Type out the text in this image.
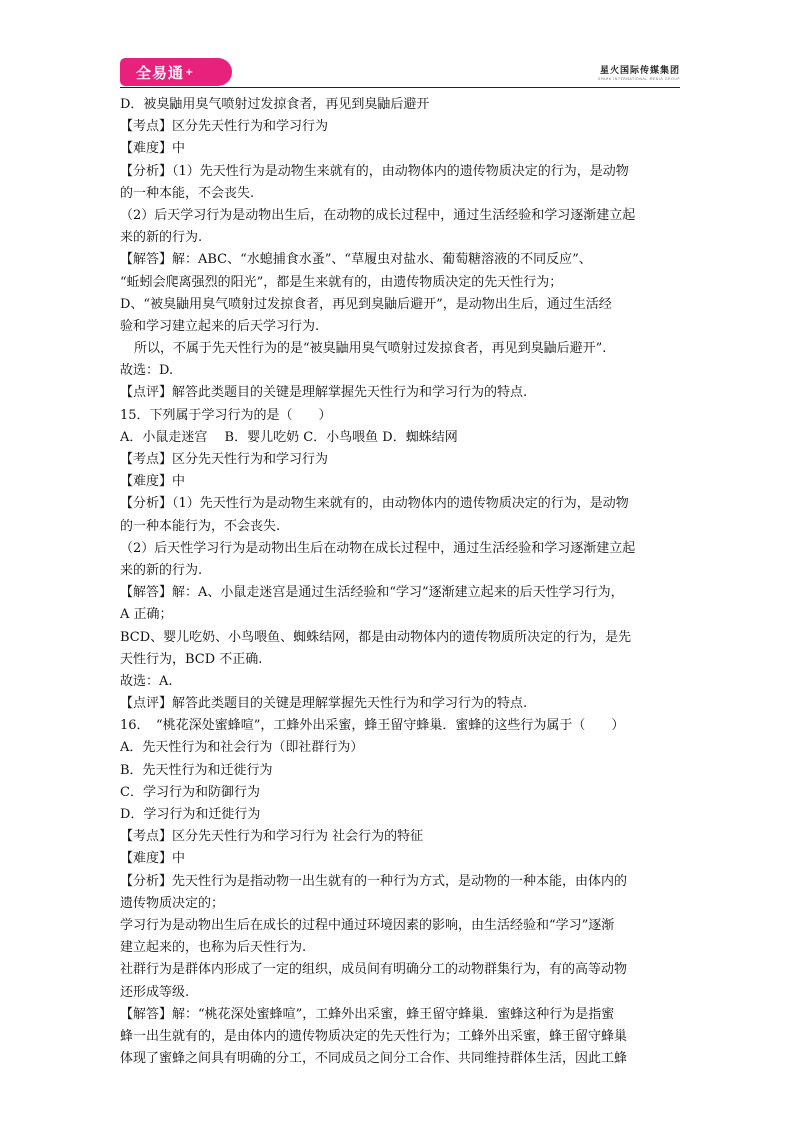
全易通 +	星火国际传媒集团
SPARK INTERNATIONAL MEDIA GROUP
D．被臭鼬用臭气喷射过发掠食者，再见到臭鼬后避开
【考点】区分先天性行为和学习行为
【难度】中
【分析】（1）先天性行为是动物生来就有的，由动物体内的遗传物质决定的行为，是动物
的一种本能，不会丧失.
（2）后天学习行为是动物出生后，在动物的成长过程中，通过生活经验和学习逐渐建立起
来的新的行为.
【解答】解：ABC、“水螅捕食水蚤”、“草履虫对盐水、葡萄糖溶液的不同反应”、
“蚯蚓会爬离强烈的阳光”，都是生来就有的，由遗传物质决定的先天性行为；
D、“被臭鼬用臭气喷射过发掠食者，再见到臭鼬后避开”，是动物出生后，通过生活经
验和学习建立起来的后天学习行为.
所以，不属于先天性行为的是“被臭鼬用臭气喷射过发掠食者，再见到臭鼬后避开”.
故选：D.
【点评】解答此类题目的关键是理解掌握先天性行为和学习行为的特点.
15．下列属于学习行为的是（　　）
A．小鼠走迷宫　 B．婴儿吃奶 C．小鸟喂鱼 D．蜘蛛结网
【考点】区分先天性行为和学习行为
【难度】中
【分析】（1）先天性行为是动物生来就有的，由动物体内的遗传物质决定的行为，是动物
的一种本能行为，不会丧失.
（2）后天性学习行为是动物出生后在动物在成长过程中，通过生活经验和学习逐渐建立起
来的新的行为.
【解答】解：A、小鼠走迷宫是通过生活经验和“学习”逐渐建立起来的后天性学习行为，
A 正确；
BCD、婴儿吃奶、小鸟喂鱼、蜘蛛结网，都是由动物体内的遗传物质所决定的行为，是先
天性行为，BCD 不正确.
故选：A.
【点评】解答此类题目的关键是理解掌握先天性行为和学习行为的特点.
16．　“桃花深处蜜蜂喧”，工蜂外出采蜜，蜂王留守蜂巢．蜜蜂的这些行为属于（　　）
A．先天性行为和社会行为（即社群行为）
B．先天性行为和迁徙行为
C．学习行为和防御行为
D．学习行为和迁徙行为
【考点】区分先天性行为和学习行为 社会行为的特征
【难度】中
【分析】先天性行为是指动物一出生就有的一种行为方式，是动物的一种本能，由体内的
遗传物质决定的；
学习行为是动物出生后在成长的过程中通过环境因素的影响，由生活经验和“学习”逐渐
建立起来的，也称为后天性行为.
社群行为是群体内形成了一定的组织，成员间有明确分工的动物群集行为，有的高等动物
还形成等级.
【解答】解：“桃花深处蜜蜂喧”，工蜂外出采蜜，蜂王留守蜂巢．蜜蜂这种行为是指蜜
蜂一出生就有的，是由体内的遗传物质决定的先天性行为；工蜂外出采蜜，蜂王留守蜂巢
体现了蜜蜂之间具有明确的分工，不同成员之间分工合作、共同维持群体生活，因此工蜂
